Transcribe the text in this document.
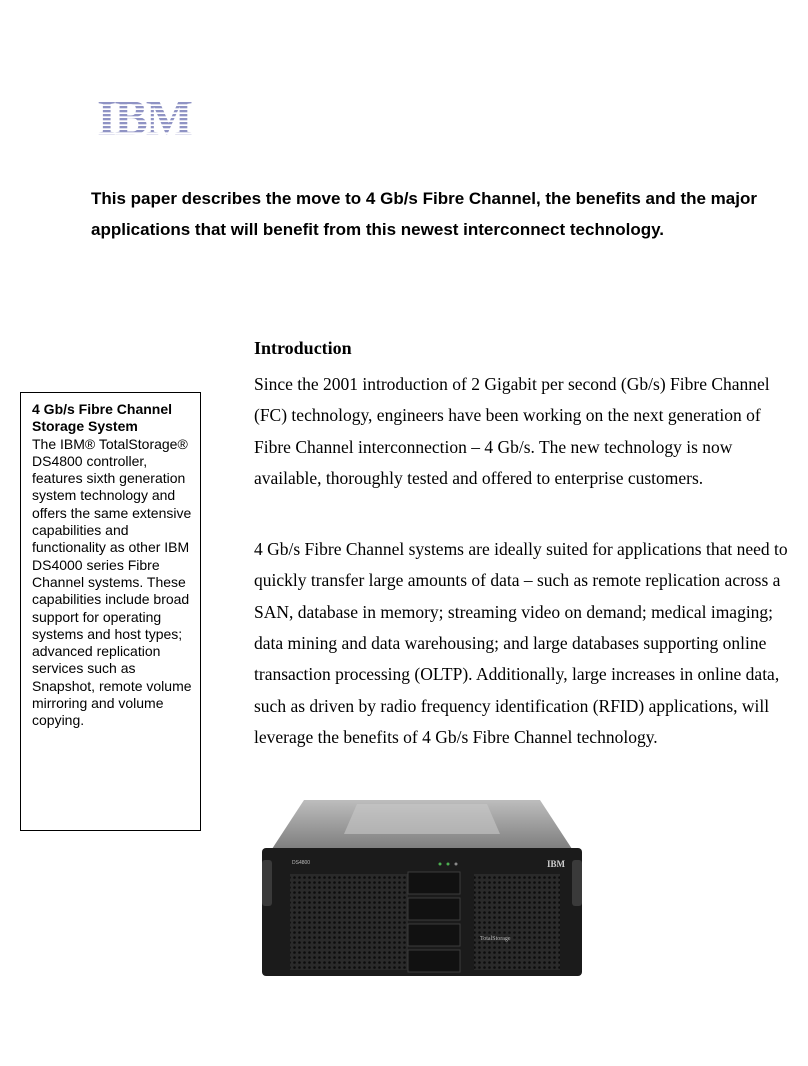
IBM

This paper describes the move to 4 Gb/s Fibre Channel, the benefits and the major applications that will benefit from this newest interconnect technology.

4 Gb/s Fibre Channel Storage System
The IBM® TotalStorage® DS4800 controller, features sixth generation system technology and offers the same extensive capabilities and functionality as other IBM DS4000 series Fibre Channel systems. These capabilities include broad support for operating systems and host types; advanced replication services such as Snapshot, remote volume mirroring and volume copying.
Introduction

Since the 2001 introduction of 2 Gigabit per second (Gb/s) Fibre Channel (FC) technology, engineers have been working on the next generation of Fibre Channel interconnection – 4 Gb/s. The new technology is now available, thoroughly tested and offered to enterprise customers.

4 Gb/s Fibre Channel systems are ideally suited for applications that need to quickly transfer large amounts of data – such as remote replication across a SAN, database in memory; streaming video on demand; medical imaging; data mining and data warehousing; and large databases supporting online transaction processing (OLTP). Additionally, large increases in online data, such as driven by radio frequency identification (RFID) applications, will leverage the benefits of 4 Gb/s Fibre Channel technology.

DS4800	IBM
TotalStorage
